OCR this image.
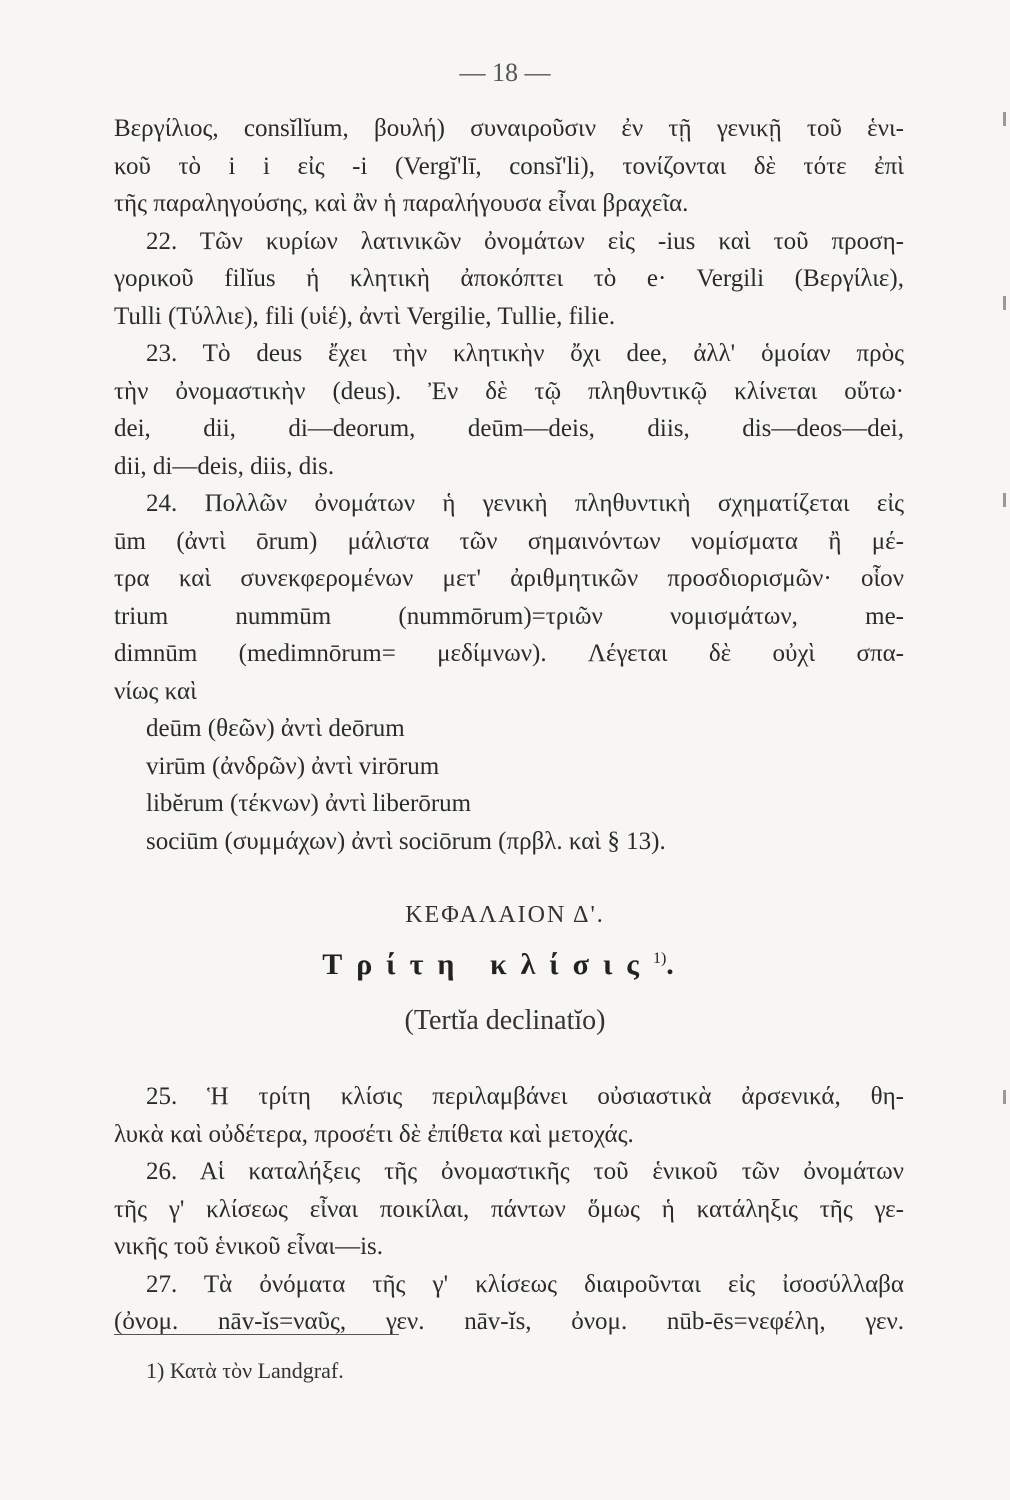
— 18 —
Βεργίλιος, consĭlĭum, βουλή) συναιροῦσιν ἐν τῇ γενικῇ τοῦ ἑνι-
κοῦ τὸ i i εἰς -i (Vergĭ'lī, consĭ'li), τονίζονται δὲ τότε ἐπὶ
τῆς παραληγούσης, καὶ ἂν ἡ παραλήγουσα εἶναι βραχεῖα.
22. Τῶν κυρίων λατινικῶν ὀνομάτων εἰς -ius καὶ τοῦ προση-
γορικοῦ filĭus ἡ κλητικὴ ἀποκόπτει τὸ e· Vergili (Βεργίλιε),
Tulli (Τύλλιε), fili (υἱέ), ἀντὶ Vergilie, Tullie, filie.
23. Τὸ deus ἔχει τὴν κλητικὴν ὄχι dee, ἀλλ' ὁμοίαν πρὸς
τὴν ὀνομαστικὴν (deus). Ἐν δὲ τῷ πληθυντικῷ κλίνεται οὕτω·
dei, dii, di—deorum, deūm—deis, diis, dis—deos—dei,
dii, di—deis, diis, dis.
24. Πολλῶν ὀνομάτων ἡ γενικὴ πληθυντικὴ σχηματίζεται εἰς
ūm (ἀντὶ ōrum) μάλιστα τῶν σημαινόντων νομίσματα ἢ μέ-
τρα καὶ συνεκφερομένων μετ' ἀριθμητικῶν προσδιορισμῶν· οἷον
trium nummūm (nummōrum)=τριῶν νομισμάτων, me-
dimnūm (medimnōrum= μεδίμνων). Λέγεται δὲ οὐχὶ σπα-
νίως καὶ
deūm (θεῶν) ἀντὶ deōrum
virūm (ἀνδρῶν) ἀντὶ virōrum
libĕrum (τέκνων) ἀντὶ liberōrum
sociūm (συμμάχων) ἀντὶ sociōrum (πρβλ. καὶ § 13).
ΚΕΦΑΛΑΙΟΝ Δ'.
Τρίτη κλίσις$^{1)}$.
(Tertĭa declinatĭo)
25. Ἡ τρίτη κλίσις περιλαμβάνει οὐσιαστικὰ ἀρσενικά, θη-
λυκὰ καὶ οὐδέτερα, προσέτι δὲ ἐπίθετα καὶ μετοχάς.
26. Αἱ καταλήξεις τῆς ὀνομαστικῆς τοῦ ἑνικοῦ τῶν ὀνομάτων
τῆς γ' κλίσεως εἶναι ποικίλαι, πάντων ὅμως ἡ κατάληξις τῆς γε-
νικῆς τοῦ ἑνικοῦ εἶναι—is.
27. Τὰ ὀνόματα τῆς γ' κλίσεως διαιροῦνται εἰς ἰσοσύλλαβα
(ὀνομ. nāv-ĭs=ναῦς, γεν. nāv-ĭs, ὀνομ. nūb-ēs=νεφέλη, γεν.
1) Κατὰ τὸν Landgraf.
